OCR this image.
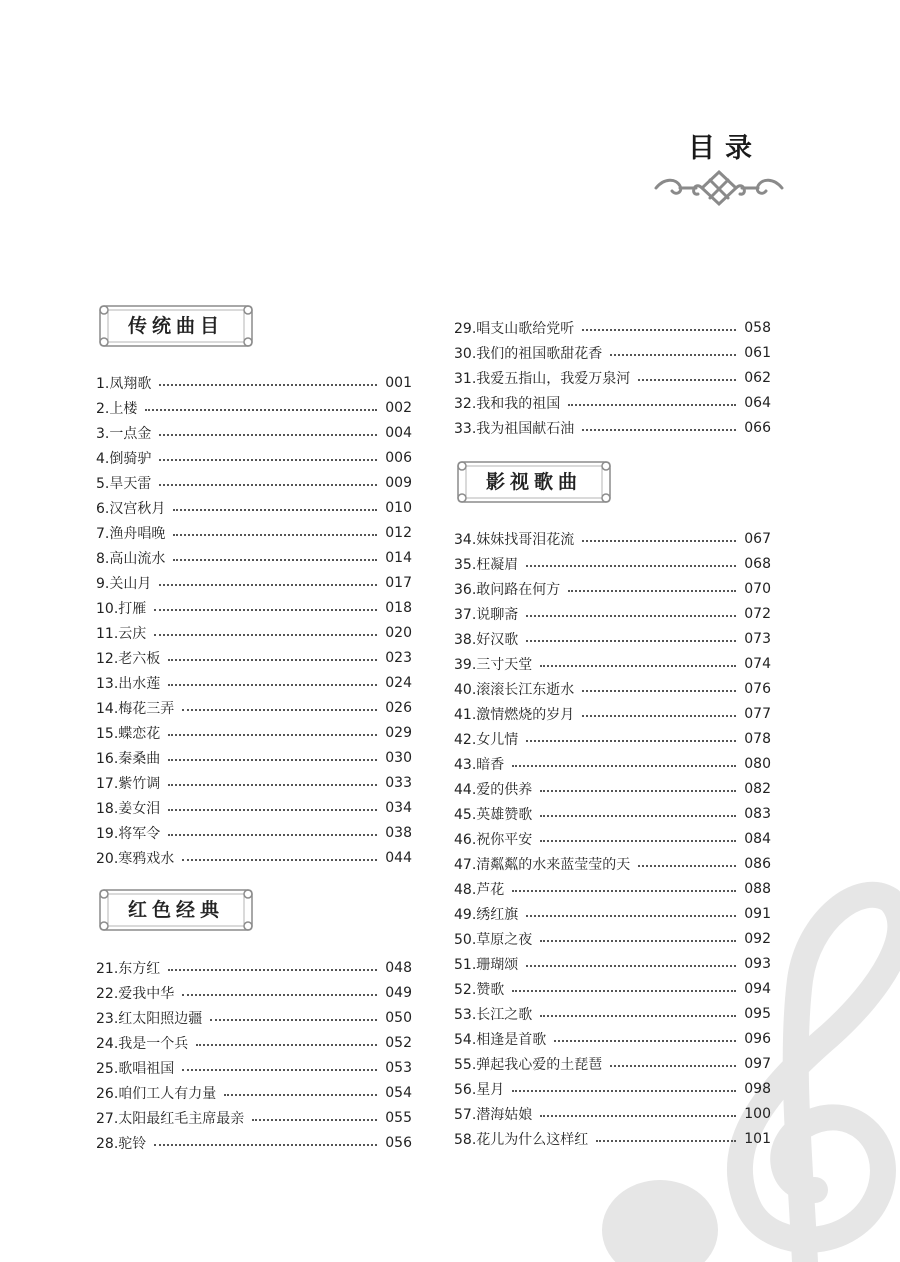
目录
传统曲目
红色经典
影视歌曲
1.凤翔歌	001
2.上楼	002
3.一点金	004
4.倒骑驴	006
5.旱天雷	009
6.汉宫秋月	010
7.渔舟唱晚	012
8.高山流水	014
9.关山月	017
10.打雁	018
11.云庆	020
12.老六板	023
13.出水莲	024
14.梅花三弄	026
15.蝶恋花	029
16.秦桑曲	030
17.紫竹调	033
18.姜女泪	034
19.将军令	038
20.寒鸦戏水	044
21.东方红	048
22.爱我中华	049
23.红太阳照边疆	050
24.我是一个兵	052
25.歌唱祖国	053
26.咱们工人有力量	054
27.太阳最红毛主席最亲	055
28.驼铃	056
29.唱支山歌给党听	058
30.我们的祖国歌甜花香	061
31.我爱五指山，我爱万泉河	062
32.我和我的祖国	064
33.我为祖国献石油	066
34.妹妹找哥泪花流	067
35.枉凝眉	068
36.敢问路在何方	070
37.说聊斋	072
38.好汉歌	073
39.三寸天堂	074
40.滚滚长江东逝水	076
41.激情燃烧的岁月	077
42.女儿情	078
43.暗香	080
44.爱的供养	082
45.英雄赞歌	083
46.祝你平安	084
47.清粼粼的水来蓝莹莹的天	086
48.芦花	088
49.绣红旗	091
50.草原之夜	092
51.珊瑚颂	093
52.赞歌	094
53.长江之歌	095
54.相逢是首歌	096
55.弹起我心爱的土琵琶	097
56.星月	098
57.潜海姑娘	100
58.花儿为什么这样红	101
